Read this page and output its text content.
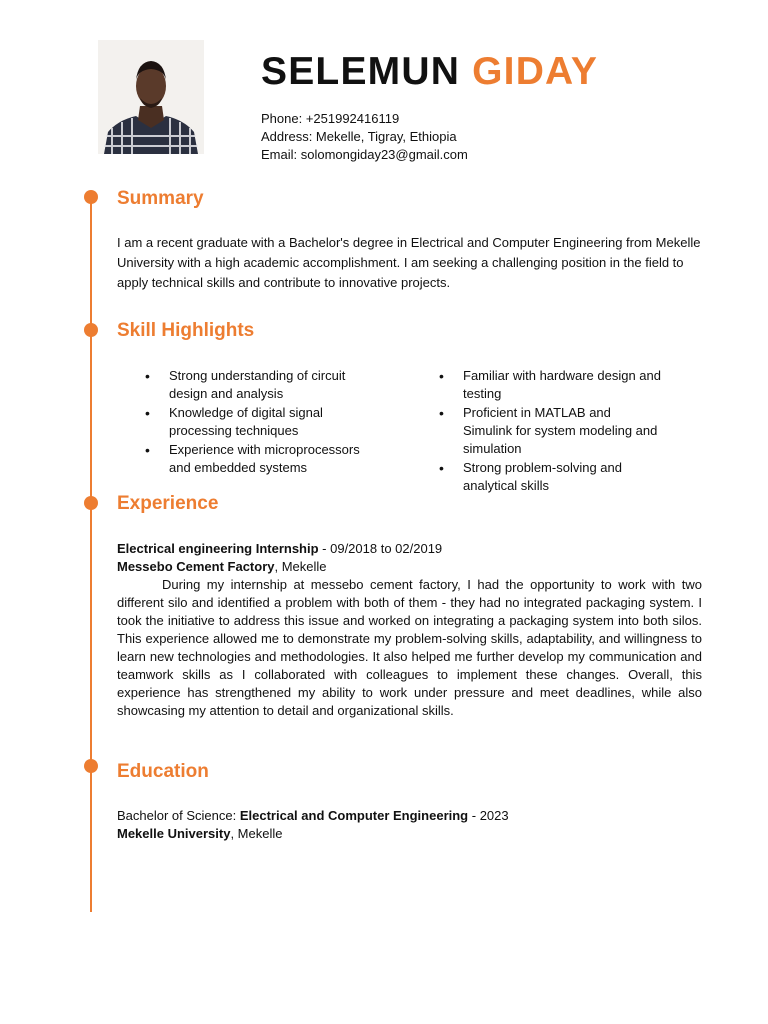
SELEMUN GIDAY
Phone: +251992416119
Address: Mekelle, Tigray, Ethiopia
Email: solomongiday23@gmail.com
Summary
I am a recent graduate with a Bachelor's degree in Electrical and Computer Engineering from Mekelle University with a high academic accomplishment. I am seeking a challenging position in the field to apply technical skills and contribute to innovative projects.
Skill Highlights
• Strong understanding of circuit design and analysis
• Knowledge of digital signal processing techniques
• Experience with microprocessors and embedded systems
• Familiar with hardware design and testing
• Proficient in MATLAB and Simulink for system modeling and simulation
• Strong problem-solving and analytical skills
Experience
Electrical engineering Internship - 09/2018 to 02/2019
Messebo Cement Factory, Mekelle
During my internship at messebo cement factory, I had the opportunity to work with two different silo and identified a problem with both of them - they had no integrated packaging system. I took the initiative to address this issue and worked on integrating a packaging system into both silos. This experience allowed me to demonstrate my problem-solving skills, adaptability, and willingness to learn new technologies and methodologies. It also helped me further develop my communication and teamwork skills as I collaborated with colleagues to implement these changes. Overall, this experience has strengthened my ability to work under pressure and meet deadlines, while also showcasing my attention to detail and organizational skills.
Education
Bachelor of Science: Electrical and Computer Engineering - 2023
Mekelle University, Mekelle
